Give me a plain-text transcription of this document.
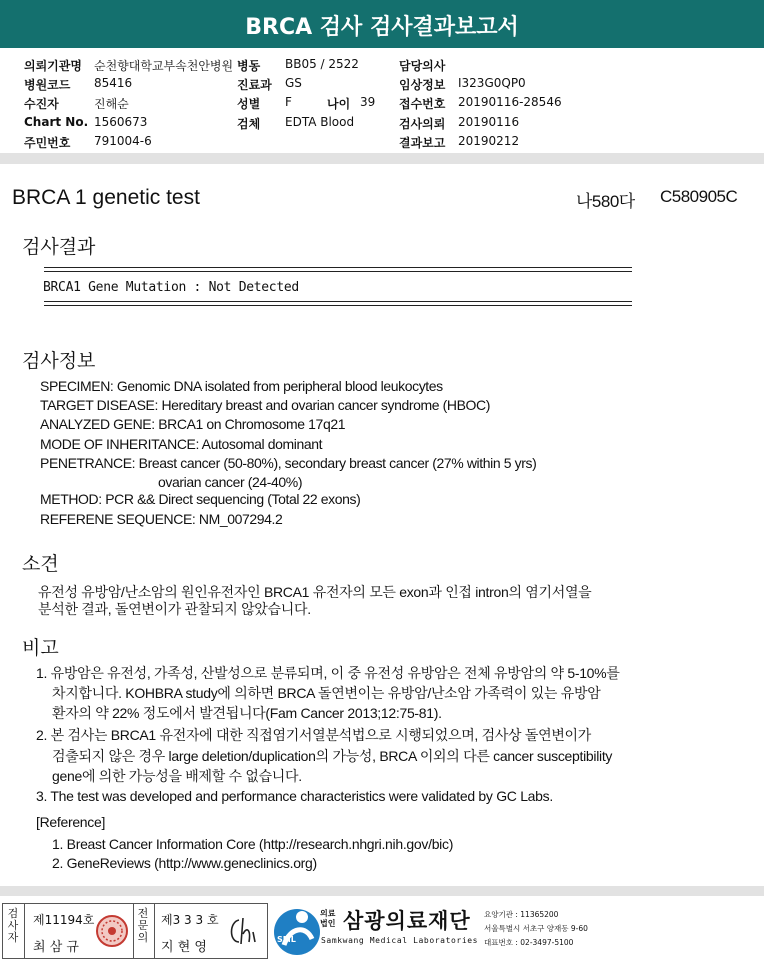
BRCA 검사 검사결과보고서
의뢰기관명 순천향대학교부속천안병원
병원코드 85416
수진자	진해순
Chart No. 1560673
주민번호 791004-6
병동 BB05 / 2522
진료과 GS
성별 F
검체 EDTA Blood
담당의사
임상정보 I323G0QP0
접수번호 20190116-28546
검사의뢰 20190116
결과보고 20190212
나이 39
BRCA 1 genetic test	나580다 C580905C
검사결과
BRCA1 Gene Mutation : Not Detected
검사정보
SPECIMEN: Genomic DNA isolated from peripheral blood leukocytes
TARGET DISEASE: Hereditary breast and ovarian cancer syndrome (HBOC)
ANALYZED GENE: BRCA1 on Chromosome 17q21
MODE OF INHERITANCE: Autosomal dominant
PENETRANCE: Breast cancer (50-80%), secondary breast cancer (27% within 5 yrs)
ovarian cancer (24-40%)
METHOD: PCR && Direct sequencing (Total 22 exons)
REFERENE SEQUENCE: NM_007294.2
소견
유전성 유방암/난소암의 원인유전자인 BRCA1 유전자의 모든 exon과 인접 intron의 염기서열을
분석한 결과, 돌연변이가 관찰되지 않았습니다.
비고
1. 유방암은 유전성, 가족성, 산발성으로 분류되며, 이 중 유전성 유방암은 전체 유방암의 약 5-10%를
차지합니다. KOHBRA study에 의하면 BRCA 돌연변이는 유방암/난소암 가족력이 있는 유방암
환자의 약 22% 정도에서 발견됩니다(Fam Cancer 2013;12:75-81).
2. 본 검사는 BRCA1 유전자에 대한 직접염기서열분석법으로 시행되었으며, 검사상 돌연변이가
검출되지 않은 경우 large deletion/duplication의 가능성, BRCA 이외의 다른 cancer susceptibility
gene에 의한 가능성을 배제할 수 없습니다.
3. The test was developed and performance characteristics were validated by GC Labs.
[Reference]
1. Breast Cancer Information Core (http://research.nhgri.nih.gov/bic)
2. GeneReviews (http://www.geneclinics.org)
검사자
제11194호
최 삼 규
전문의
제3 3 3 호
지 현 영
SML
의료
법인 삼광의료재단
Samkwang Medical Laboratories
요양기관 : 11365200
서울특별시 서초구 양재동 9-60
대표번호 : 02-3497-5100
